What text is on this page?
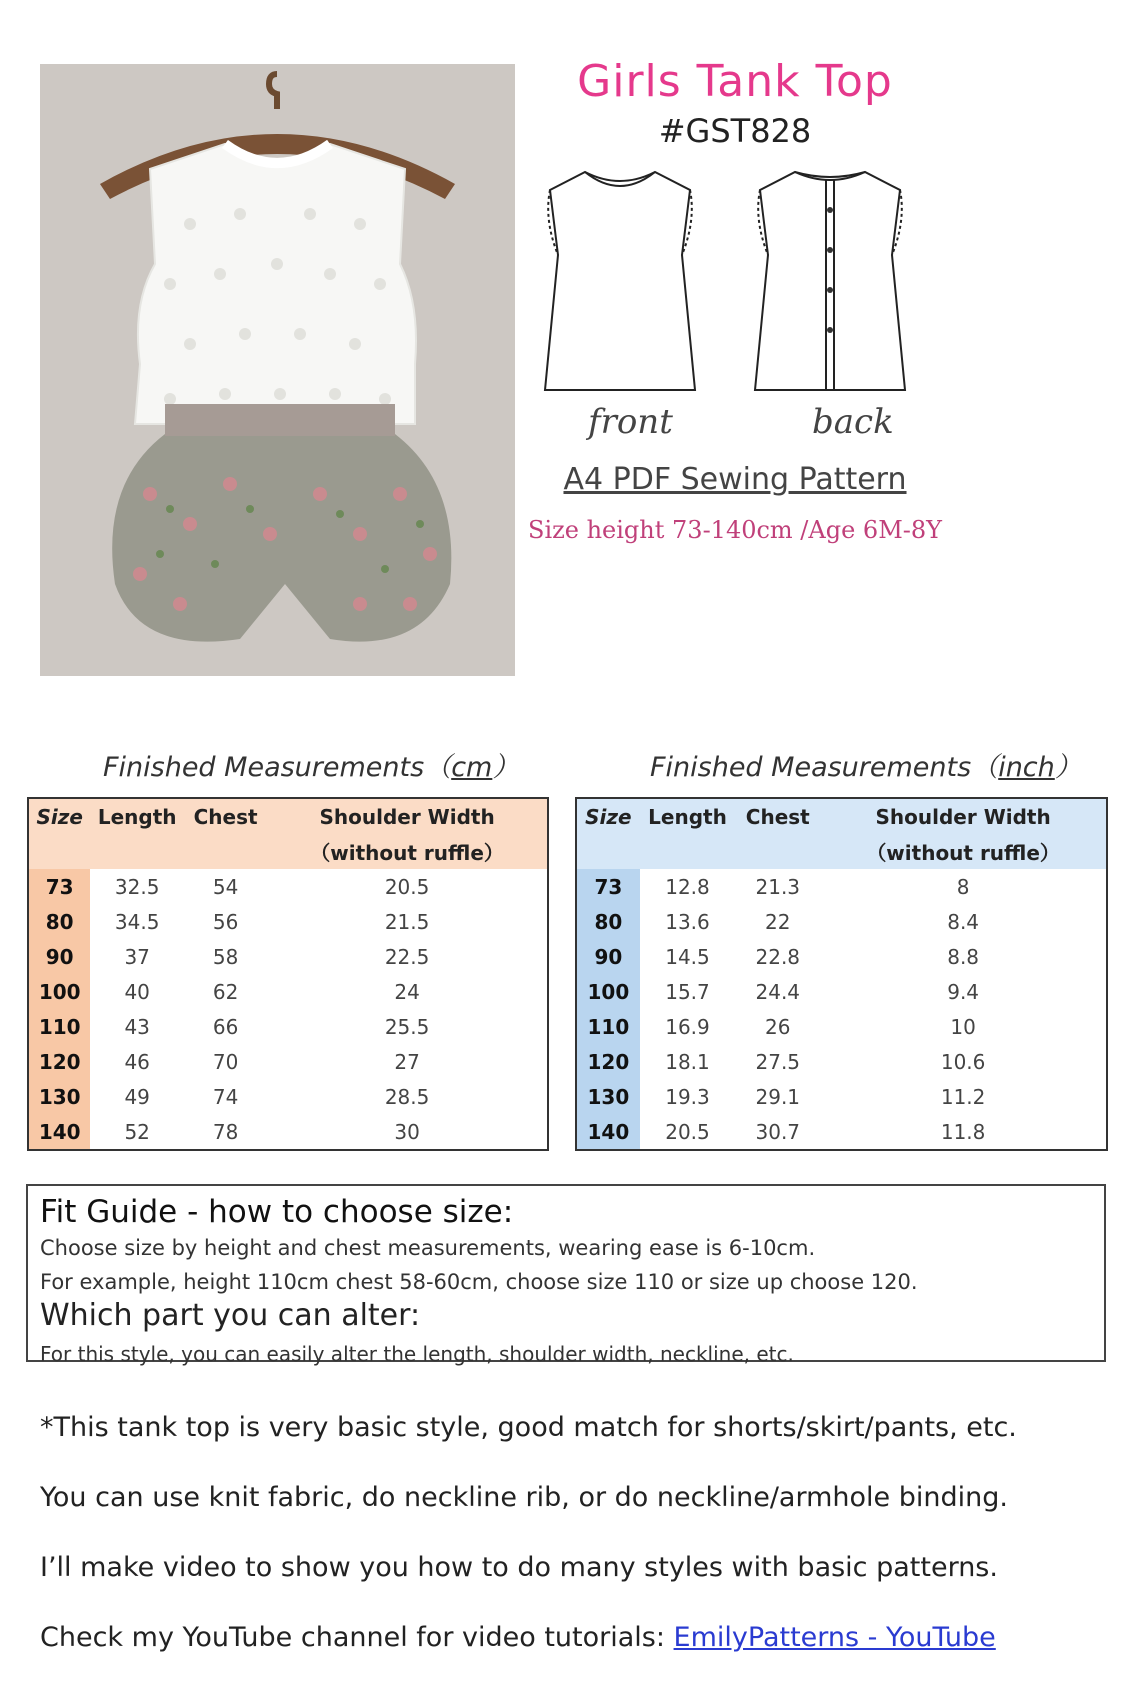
Girls Tank Top
#GST828
front	back
A4 PDF Sewing Pattern
Size height 73-140cm /Age 6M-8Y
Finished Measurements（cm）	Finished Measurements（inch）
Size	Length	Chest	Shoulder Width
			（without ruffle）
73	32.5	54	20.5
80	34.5	56	21.5
90	37	58	22.5
100	40	62	24
110	43	66	25.5
120	46	70	27
130	49	74	28.5
140	52	78	30
Size	Length	Chest	Shoulder Width
			（without ruffle）
73	12.8	21.3	8
80	13.6	22	8.4
90	14.5	22.8	8.8
100	15.7	24.4	9.4
110	16.9	26	10
120	18.1	27.5	10.6
130	19.3	29.1	11.2
140	20.5	30.7	11.8
Fit Guide - how to choose size:
Choose size by height and chest measurements, wearing ease is 6-10cm.
For example, height 110cm chest 58-60cm, choose size 110 or size up choose 120.
Which part you can alter:
For this style, you can easily alter the length, shoulder width, neckline, etc.
*This tank top is very basic style, good match for shorts/skirt/pants, etc.
You can use knit fabric, do neckline rib, or do neckline/armhole binding.
I’ll make video to show you how to do many styles with basic patterns.
Check my YouTube channel for video tutorials: EmilyPatterns - YouTube
